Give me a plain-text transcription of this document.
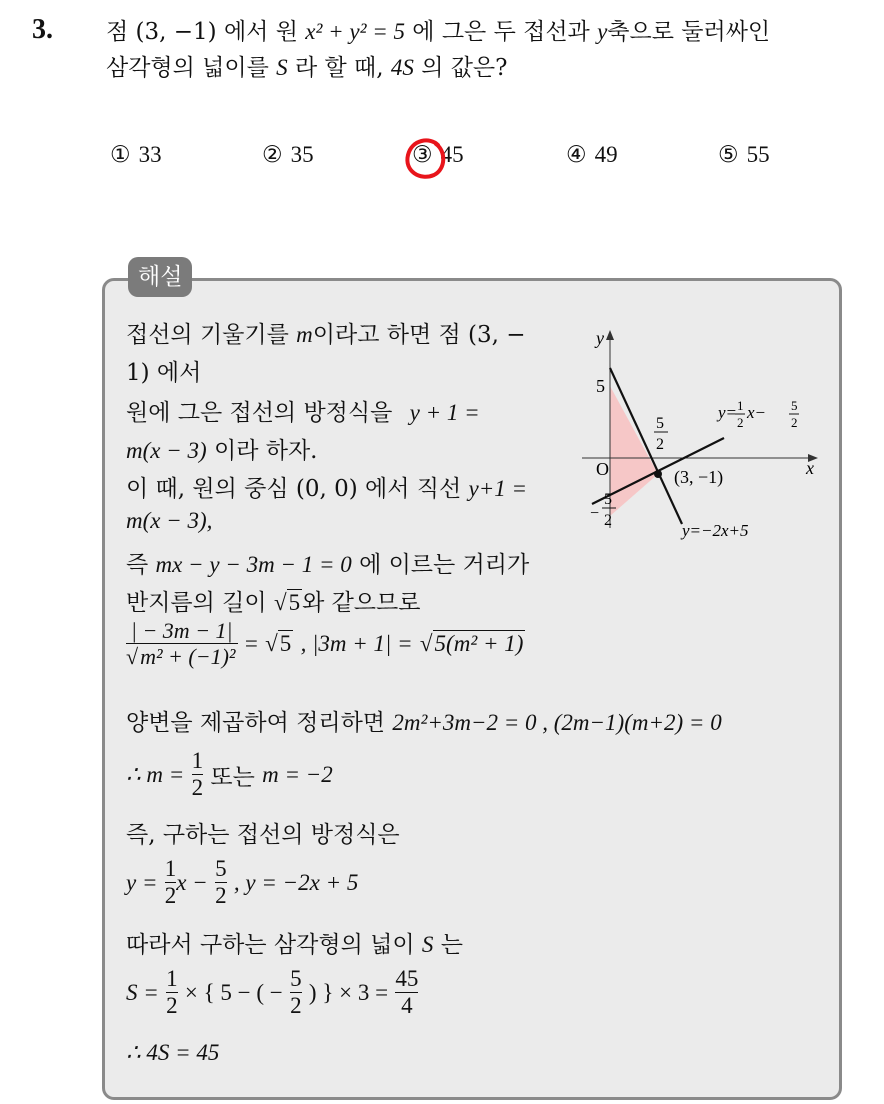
3. 점 (3, −1) 에서 원 x² + y² = 5 에 그은 두 접선과 y축으로 둘러싸인
삼각형의 넓이를 S 라 할 때, 4S 의 값은?
① 33	② 35	③ 45	④ 49	⑤ 55
해설
접선의 기울기를 m이라고 하면 점 (3, −
1) 에서
원에 그은 접선의 방정식을 y + 1 =
m(x − 3) 이라 하자.
이 때, 원의 중심 (0, 0) 에서 직선 y+1 =
m(x − 3),
즉 mx − y − 3m − 1 = 0 에 이르는 거리가
반지름의 길이 √5와 같으므로
$\frac{| - 3m - 1|}{\text{√m² + (−1)²}} = √5$ , |3m + 1| = √5(m² + 1)
양변을 제곱하여 정리하면 2m²+3m−2 = 0 , (2m−1)(m+2) = 0
∴ $m = \frac{1}{2}$ 또는 m = −2
즉, 구하는 접선의 방정식은
$y = \frac{1}{2}$ $x - \frac{5}{2}$ , y = −2x + 5
따라서 구하는 삼각형의 넓이 S 는
$S = \frac{1}{2}$ × { 5 − ( − $\frac{5}{2}$ ) } × $3 = \frac{45}{4}$
∴ 4S = 45
y
x
5
O
5
2
−
5
2
(3, −1)
y= 1
2
x− 5
2
y=−2x+5
